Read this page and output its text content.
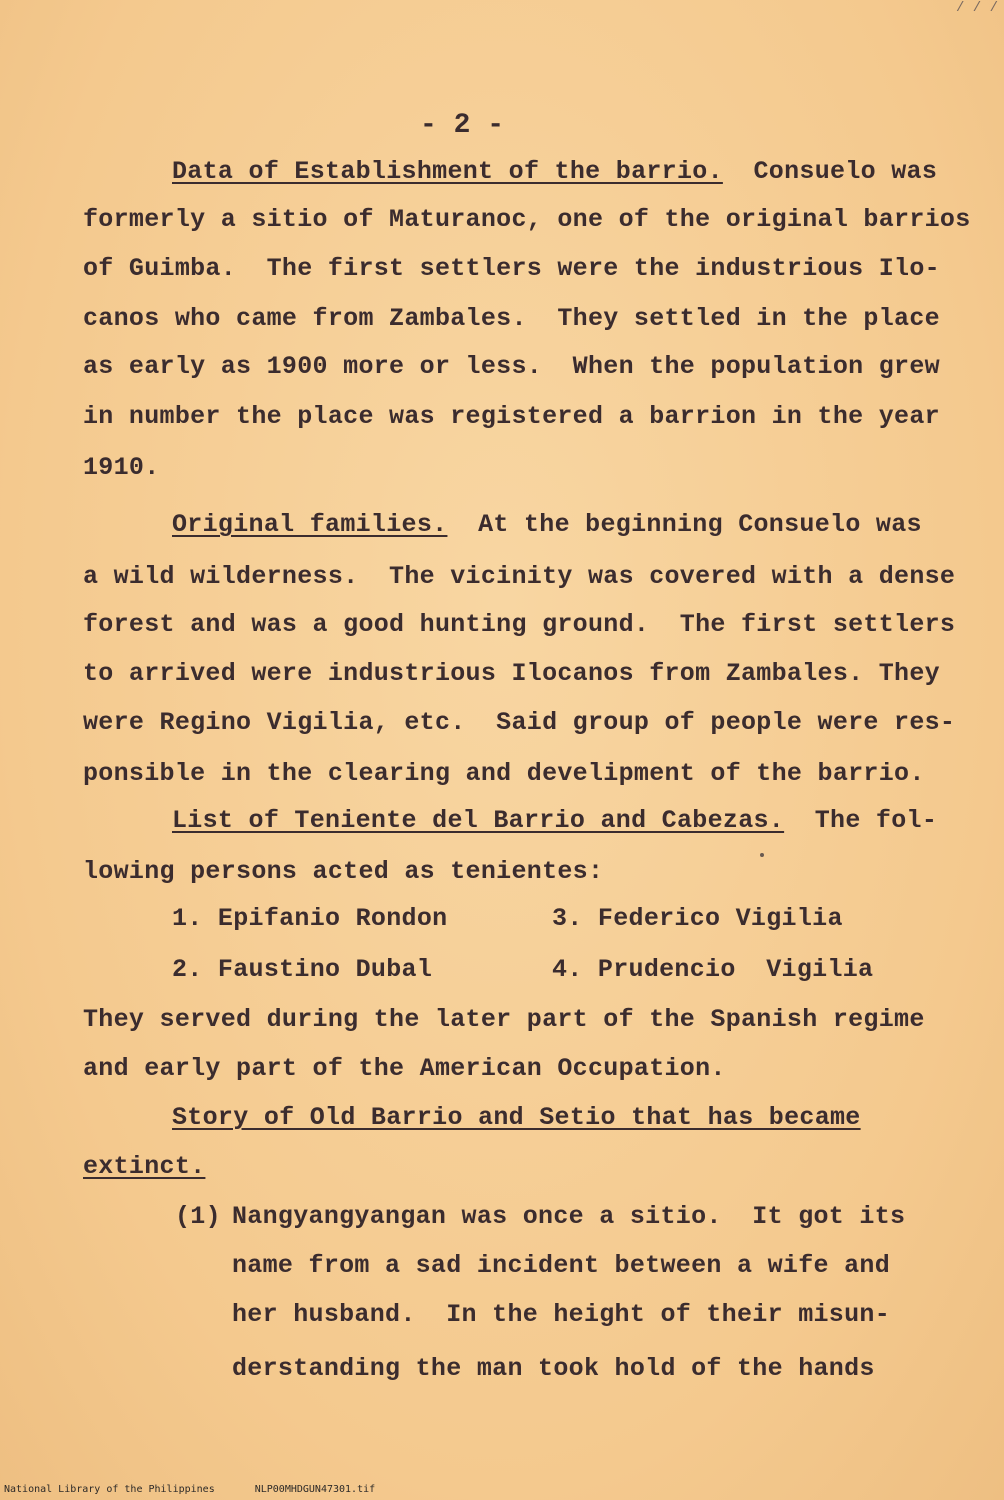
/ / /
- 2 -
Data of Establishment of the barrio. Consuelo was
formerly a sitio of Maturanoc, one of the original barrios
of Guimba.  The first settlers were the industrious Ilo-
canos who came from Zambales.  They settled in the place
as early as 1900 more or less.  When the population grew
in number the place was registered a barrion in the year
1910.
Original families. At the beginning Consuelo was
a wild wilderness.  The vicinity was covered with a dense
forest and was a good hunting ground.  The first settlers
to arrived were industrious Ilocanos from Zambales. They
were Regino Vigilia, etc.  Said group of people were res-
ponsible in the clearing and develipment of the barrio.
List of Teniente del Barrio and Cabezas. The fol-
lowing persons acted as tenientes:
1. Epifanio Rondon	3. Federico Vigilia
2. Faustino Dubal	4. Prudencio  Vigilia
They served during the later part of the Spanish regime
and early part of the American Occupation.
Story of Old Barrio and Setio that has became
extinct.
(1) Nangyangyangan was once a sitio.  It got its
name from a sad incident between a wife and
her husband.  In the height of their misun-
derstanding the man took hold of the hands
National Library of the Philippines	NLP00MHDGUN47301.tif
